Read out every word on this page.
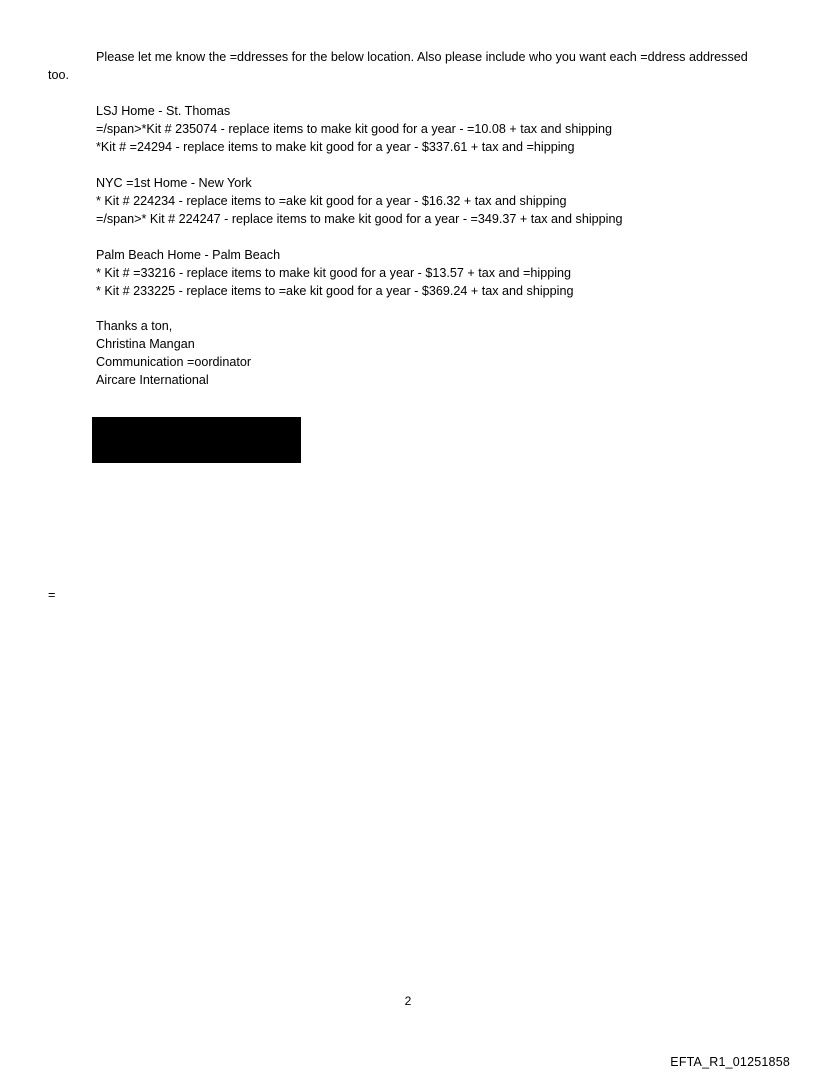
Please let me know the =ddresses for the below location. Also please include who you want each =ddress addressed too.
LSJ Home - St. Thomas
=/span>*Kit # 235074 - replace items to make kit good for a year - =10.08 + tax and shipping
*Kit # =24294 - replace items to make kit good for a year - $337.61 + tax and =hipping
NYC =1st Home - New York
* Kit # 224234 - replace items to =ake kit good for a year - $16.32 + tax and shipping
=/span>* Kit # 224247 - replace items to make kit good for a year - =349.37 + tax and shipping
Palm Beach Home - Palm Beach
* Kit # =33216 - replace items to make kit good for a year - $13.57 + tax and =hipping
* Kit # 233225 - replace items to =ake kit good for a year - $369.24 + tax and shipping
Thanks a ton,
Christina Mangan
Communication =oordinator
Aircare International
=
2
EFTA_R1_01251858
